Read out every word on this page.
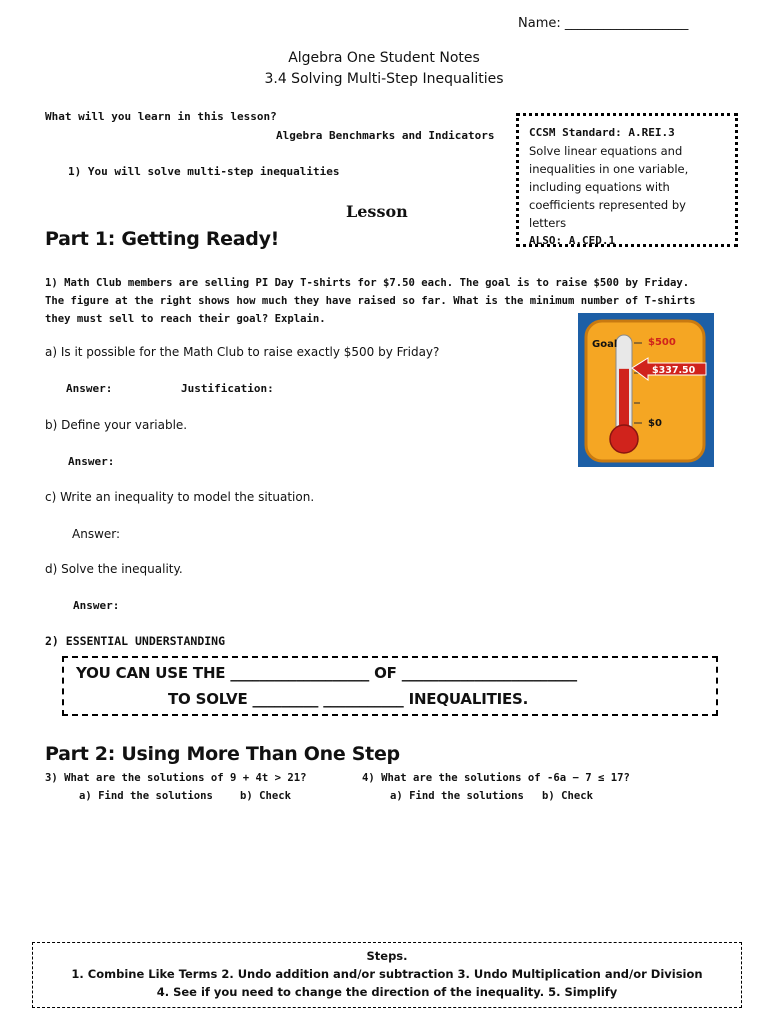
Name: ___________________
Algebra One Student Notes
3.4 Solving Multi-Step Inequalities
What will you learn in this lesson?
Algebra Benchmarks and Indicators
1) You will solve multi-step inequalities
Lesson
CCSM Standard: A.REI.3
Solve linear equations and
inequalities in one variable,
including equations with
coefficients represented by
letters
ALSO: A.CED.1
Part 1: Getting Ready!
1) Math Club members are selling PI Day T-shirts for $7.50 each. The goal is to raise $500 by Friday.
The figure at the right shows how much they have raised so far. What is the minimum number of T-shirts
they must sell to reach their goal? Explain.
a) Is it possible for the Math Club to raise exactly $500 by Friday?
Answer:	Justification:
b) Define your variable.
Answer:
c) Write an inequality to model the situation.
Answer:
d) Solve the inequality.
Answer:
Goal	$500
$337.50
$0
2) ESSENTIAL UNDERSTANDING
YOU CAN USE THE ___________________ OF ________________________
TO SOLVE _________ ___________ INEQUALITIES.
Part 2: Using More Than One Step
3) What are the solutions of 9 + 4t > 21?
a) Find the solutions	b) Check
4) What are the solutions of -6a − 7 ≤ 17?
a) Find the solutions b) Check
Steps.
1. Combine Like Terms 2. Undo addition and/or subtraction 3. Undo Multiplication and/or Division
4. See if you need to change the direction of the inequality. 5. Simplify
